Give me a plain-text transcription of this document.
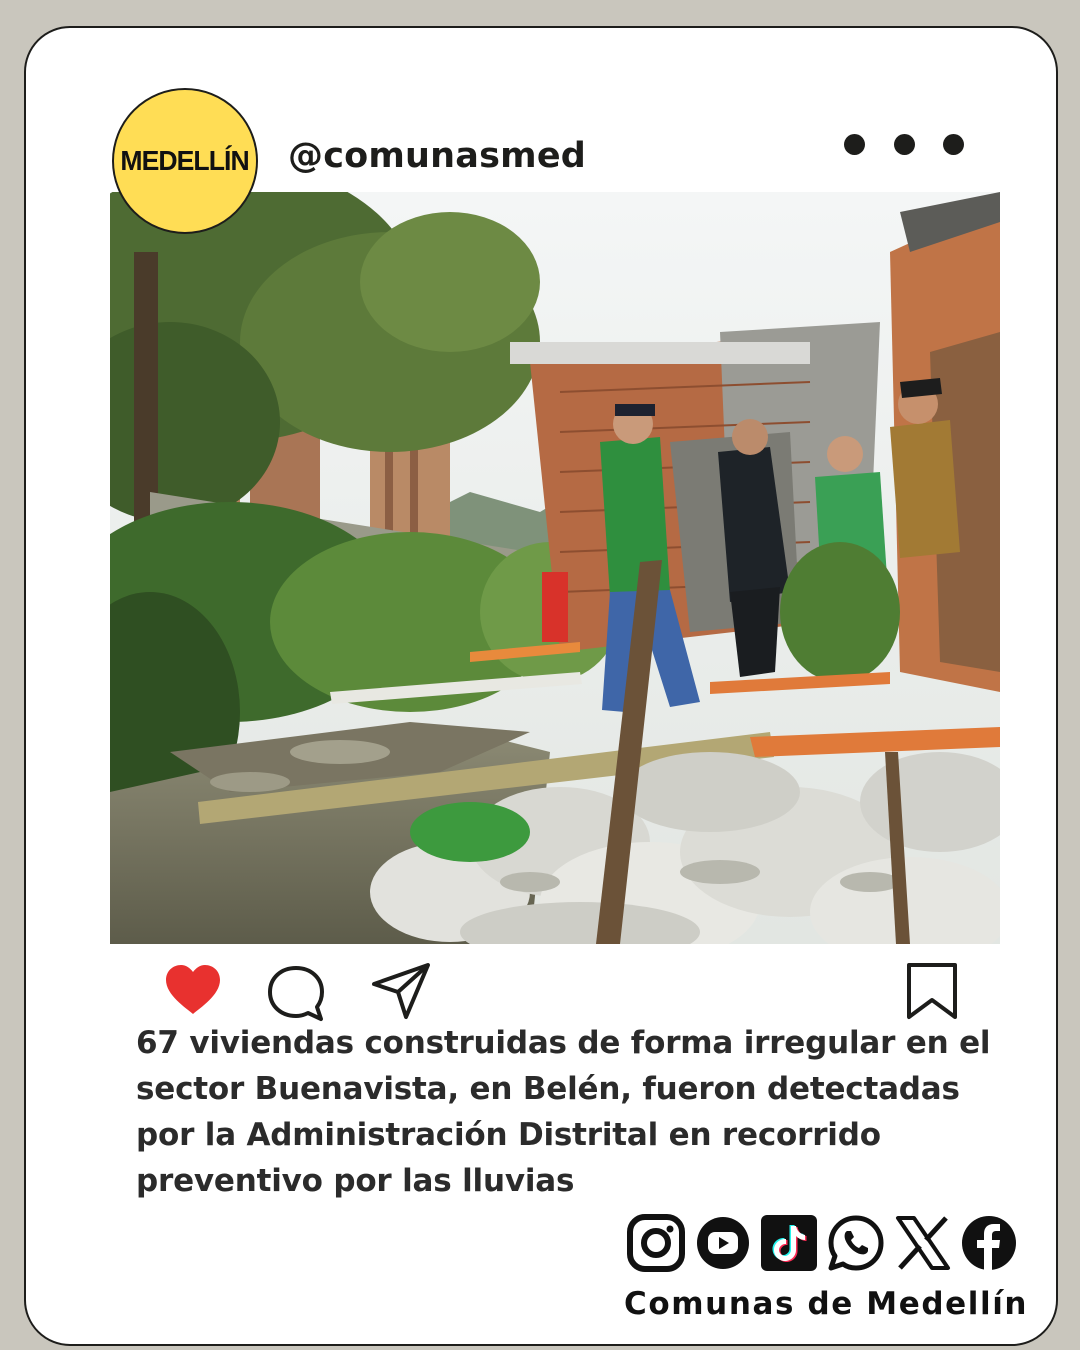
MEDELLÍN @comunasmed

67 viviendas construidas de forma irregular en el sector Buenavista, en Belén, fueron detectadas por la Administración Distrital en recorrido preventivo por las lluvias

Comunas de Medellín
